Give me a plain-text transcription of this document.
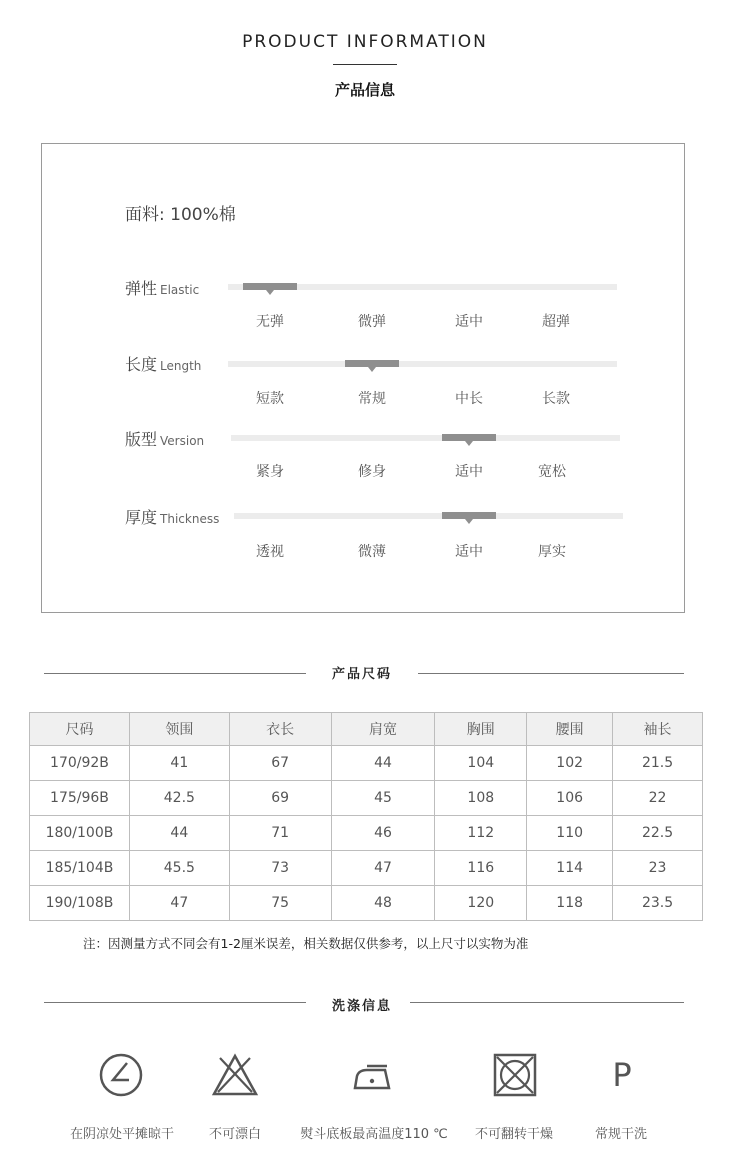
PRODUCT INFORMATION
产品信息
面料: 100%棉
弹性 Elastic
无弹	微弹	适中	超弹
长度 Length
短款	常规	中长	长款
版型 Version
紧身	修身	适中	宽松
厚度 Thickness
透视	微薄	适中	厚实
产品尺码
尺码	领围	衣长	肩宽	胸围	腰围	袖长
170/92B	41	67	44	104	102	21.5
175/96B	42.5	69	45	108	106	22
180/100B	44	71	46	112	110	22.5
185/104B	45.5	73	47	116	114	23
190/108B	47	75	48	120	118	23.5
注：因测量方式不同会有1-2厘米误差，相关数据仅供参考，以上尺寸以实物为准
洗涤信息
P
在阴凉处平摊晾干	不可漂白	熨斗底板最高温度110 ℃	不可翻转干燥	常规干洗
